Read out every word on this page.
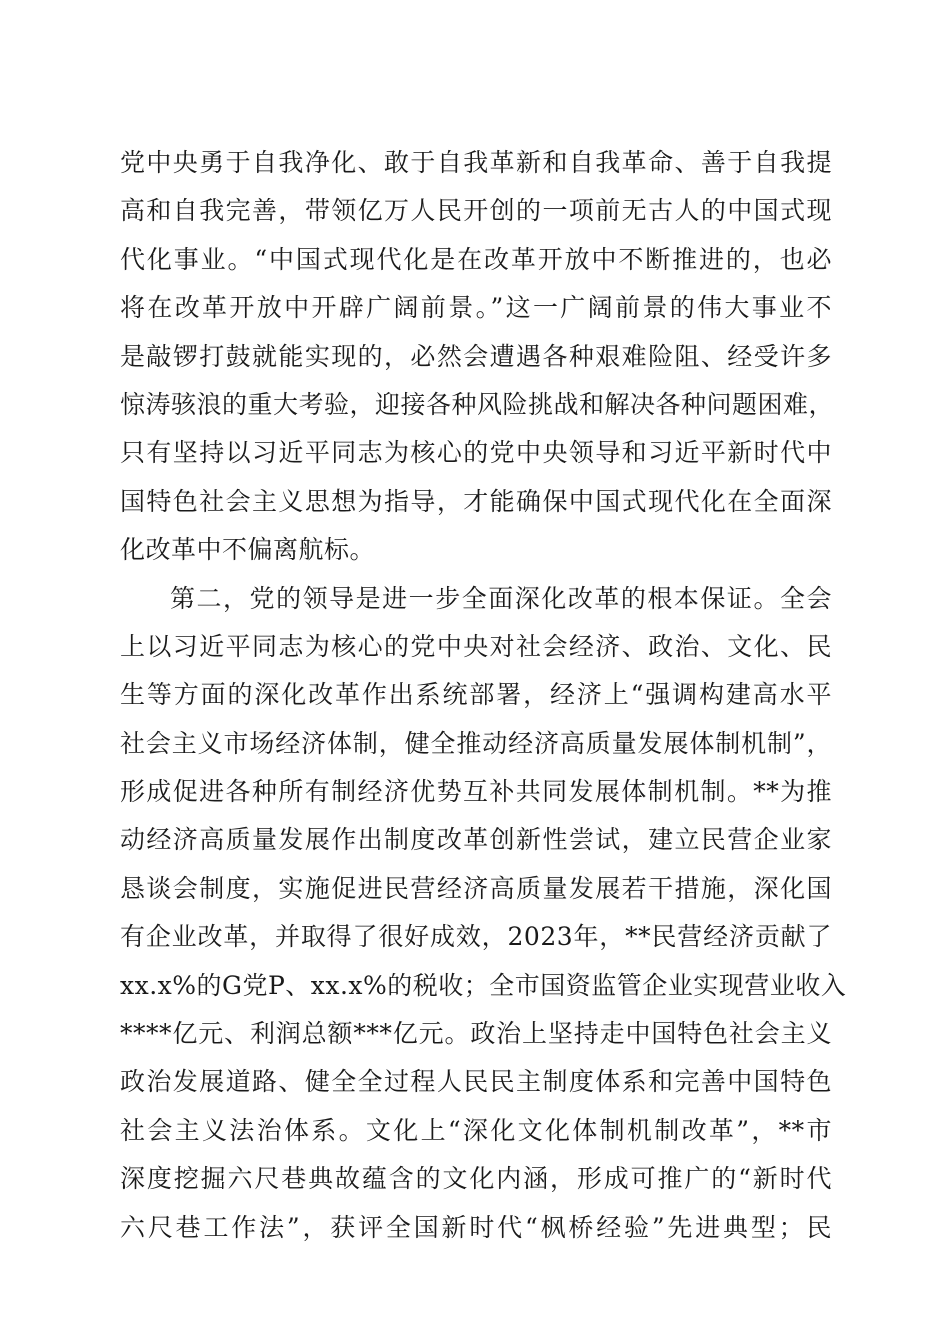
党中央勇于自我净化、敢于自我革新和自我革命、善于自我提
高和自我完善，带领亿万人民开创的一项前无古人的中国式现
代化事业。“中国式现代化是在改革开放中不断推进的，也必
将在改革开放中开辟广阔前景。”这一广阔前景的伟大事业不
是敲锣打鼓就能实现的，必然会遭遇各种艰难险阻、经受许多
惊涛骇浪的重大考验，迎接各种风险挑战和解决各种问题困难，
只有坚持以习近平同志为核心的党中央领导和习近平新时代中
国特色社会主义思想为指导，才能确保中国式现代化在全面深
化改革中不偏离航标。
第二，党的领导是进一步全面深化改革的根本保证。全会
上以习近平同志为核心的党中央对社会经济、政治、文化、民
生等方面的深化改革作出系统部署，经济上“强调构建高水平
社会主义市场经济体制，健全推动经济高质量发展体制机制”，
形成促进各种所有制经济优势互补共同发展体制机制。**为推
动经济高质量发展作出制度改革创新性尝试，建立民营企业家
恳谈会制度，实施促进民营经济高质量发展若干措施，深化国
有企业改革，并取得了很好成效，2023年，**民营经济贡献了
xx.x%的G党P、xx.x%的税收；全市国资监管企业实现营业收入
****亿元、利润总额***亿元。政治上坚持走中国特色社会主义
政治发展道路、健全全过程人民民主制度体系和完善中国特色
社会主义法治体系。文化上“深化文化体制机制改革”，**市
深度挖掘六尺巷典故蕴含的文化内涵，形成可推广的“新时代
六尺巷工作法”，获评全国新时代“枫桥经验”先进典型；民
